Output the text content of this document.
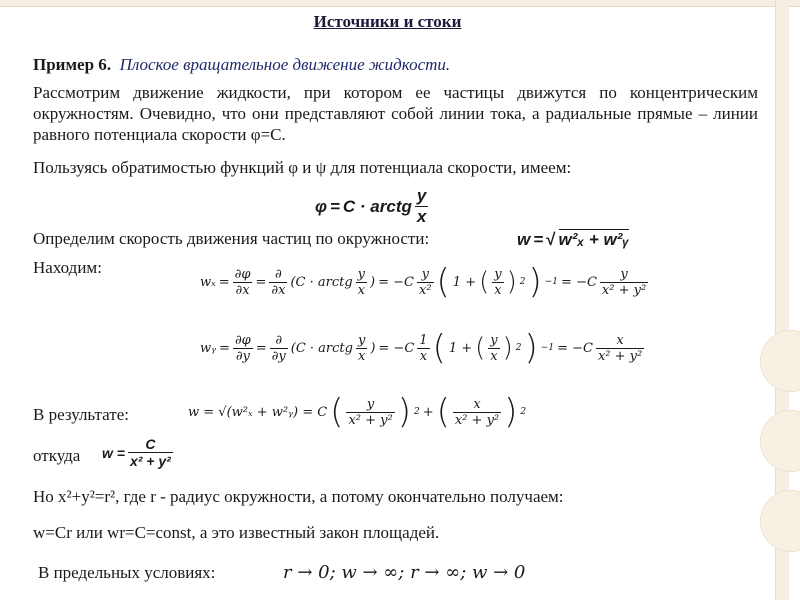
Источники и стоки
Пример 6. Плоское вращательное движение жидкости.
Рассмотрим движение жидкости, при котором ее частицы движутся по концентрическим окружностям. Очевидно, что они представляют собой линии тока, а радиальные прямые – линии равного потенциала скорости φ=С.
Пользуясь обратимостью функций φ и ψ для потенциала скорости, имеем:
φ = C · arctg $\frac{y}{x}$
Определим скорость движения частиц по окружности:	w = √ w²ₓ + w²ᵧ
Находим:
$w_x = \frac{\partial\varphi}{\partial x} = \frac{\partial}{\partial x} (C$ · arctg $\frac{y}{x}$ ) = $-C \frac{y}{\text{x²}}$ ( 1 + ( $\frac{y}{x}$ ) 2 ) $-1 = -C \frac{y}{\text{x² + y²}}$
wᵧ = $\frac{\partial\varphi}{\partial y} = \frac{\partial}{\partial y} (C$ · arctg $\frac{y}{x}$ ) = $-C \frac{1}{x}$ ( 1 + ( $\frac{y}{x}$ ) 2 ) $-1 = -C \frac{x}{\text{x² + y²}}$
В результате:	w = √(w²ₓ + w²ᵧ) = C ( $\frac{y}{\text{x² + y²}}$ ) 2 + ( $\frac{x}{\text{x² + y²}}$ ) 2
откуда $w = \frac{C}{\text{x² + y²}}$
Но x²+y²=r², где r - радиус окружности, а потому окончательно получаем:
w=Cr или wr=C=const, а это известный закон площадей.
В предельных условиях:	r → 0; w → ∞; r → ∞; w → 0
